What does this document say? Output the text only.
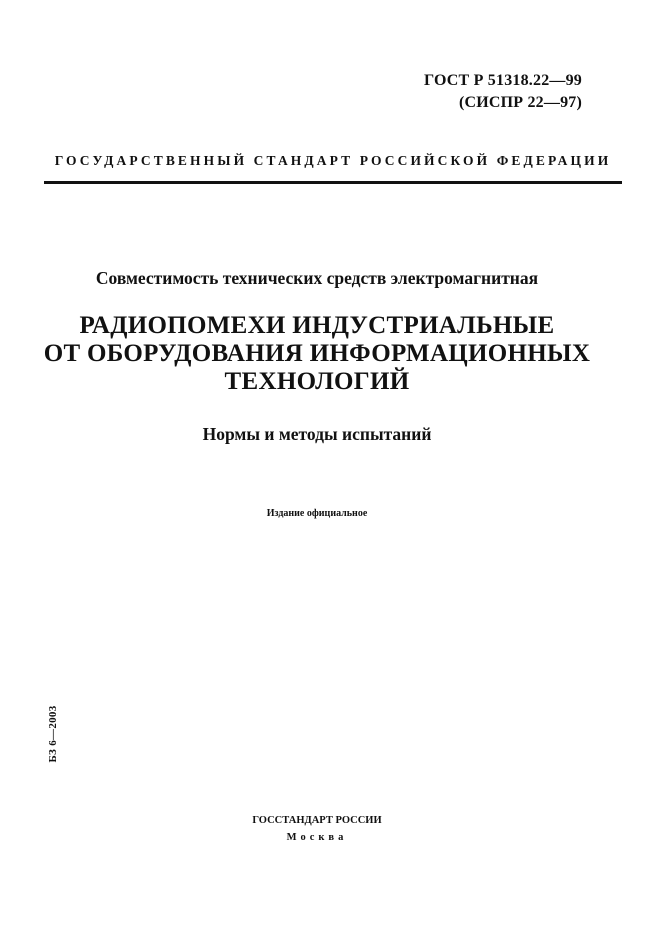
ГОСТ Р 51318.22—99
(СИСПР 22—97)
ГОСУДАРСТВЕННЫЙ СТАНДАРТ РОССИЙСКОЙ ФЕДЕРАЦИИ
Совместимость технических средств электромагнитная
РАДИОПОМЕХИ ИНДУСТРИАЛЬНЫЕ
ОТ ОБОРУДОВАНИЯ ИНФОРМАЦИОННЫХ
ТЕХНОЛОГИЙ
Нормы и методы испытаний
Издание официальное
БЗ 6—2003
ГОССТАНДАРТ РОССИИ
Москва
